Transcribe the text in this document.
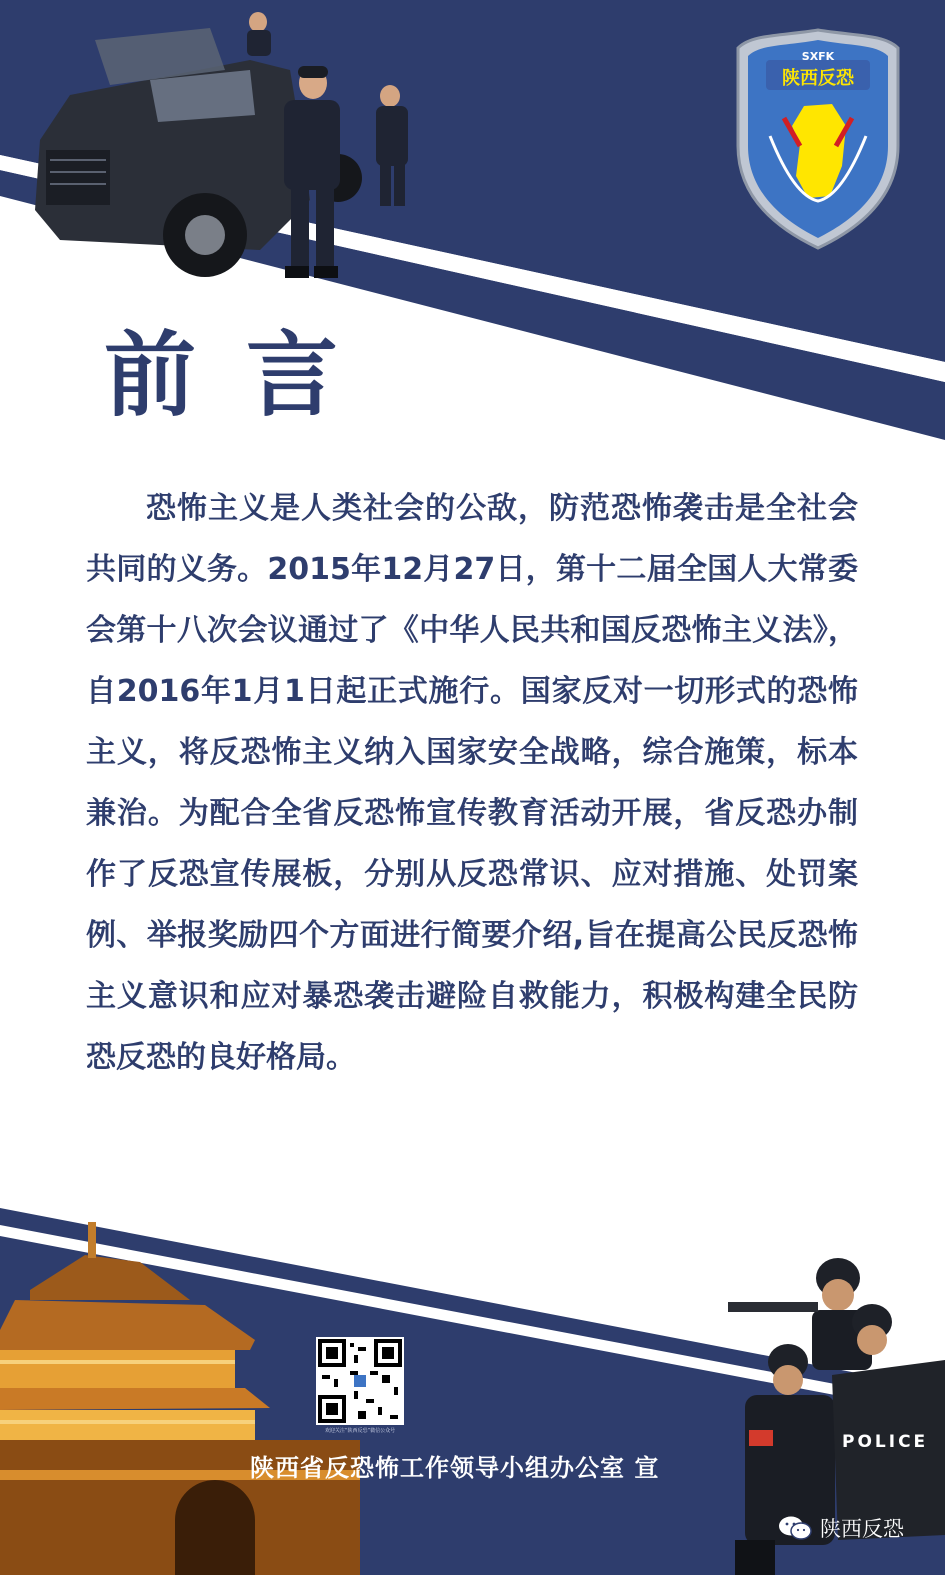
SXFK
陕西反恐
前言

恐怖主义是人类社会的公敌，防范恐怖袭击是全社会共同的义务。2015年12月27日，第十二届全国人大常委会第十八次会议通过了《中华人民共和国反恐怖主义法》，自2016年1月1日起正式施行。国家反对一切形式的恐怖主义，将反恐怖主义纳入国家安全战略，综合施策，标本兼治。为配合全省反恐怖宣传教育活动开展，省反恐办制作了反恐宣传展板，分别从反恐常识、应对措施、处罚案例、举报奖励四个方面进行简要介绍,旨在提高公民反恐怖主义意识和应对暴恐袭击避险自救能力，积极构建全民防恐反恐的良好格局。

欢迎关注“陕西反恐”微信公众号
陕西省反恐怖工作领导小组办公室 宣
POLICE
陕西反恐
